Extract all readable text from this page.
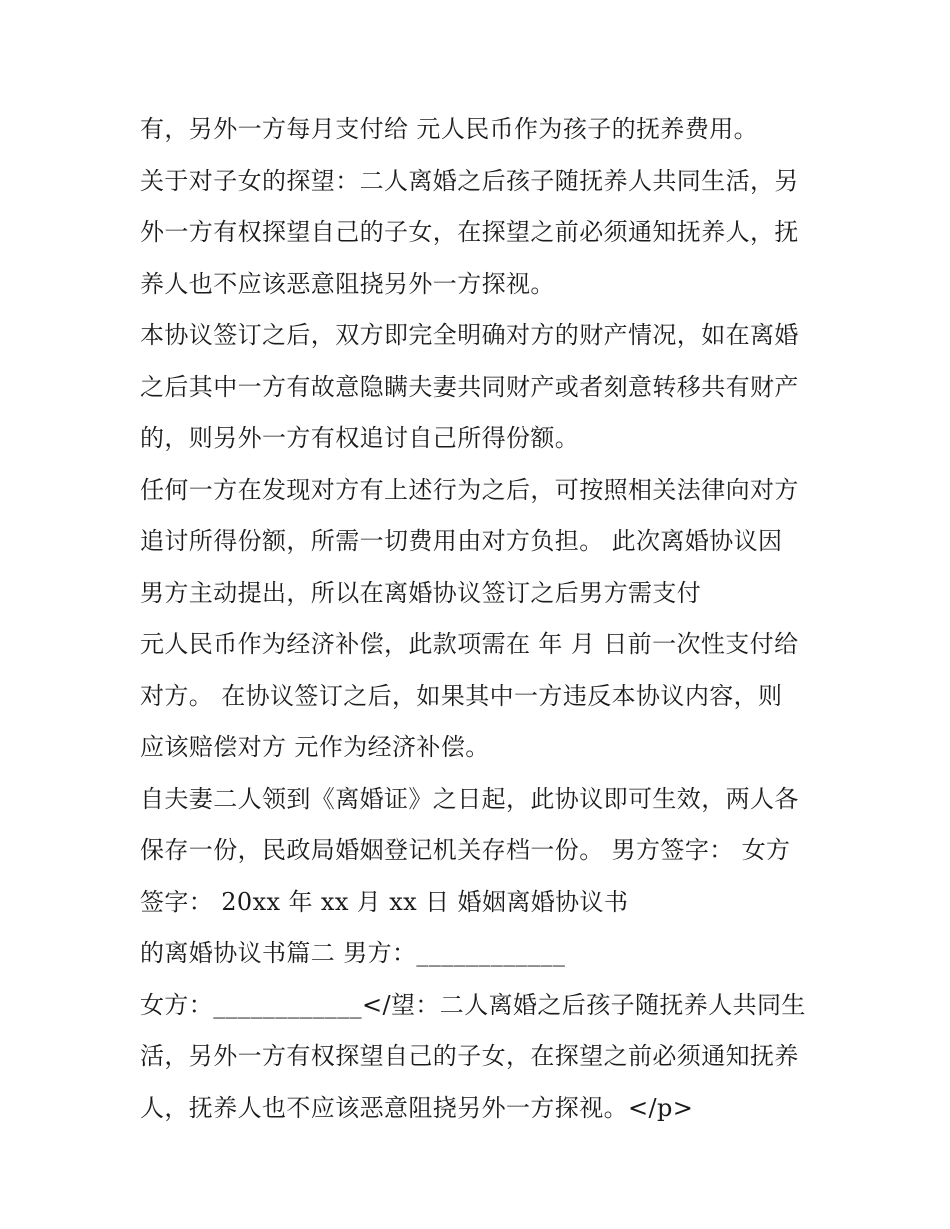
有，另外一方每月支付给 元人民币作为孩子的抚养费用。
关于对子女的探望：二人离婚之后孩子随抚养人共同生活，另
外一方有权探望自己的子女，在探望之前必须通知抚养人，抚
养人也不应该恶意阻挠另外一方探视。
本协议签订之后，双方即完全明确对方的财产情况，如在离婚
之后其中一方有故意隐瞒夫妻共同财产或者刻意转移共有财产
的，则另外一方有权追讨自己所得份额。
任何一方在发现对方有上述行为之后，可按照相关法律向对方
追讨所得份额，所需一切费用由对方负担。 此次离婚协议因
男方主动提出，所以在离婚协议签订之后男方需支付
元人民币作为经济补偿，此款项需在 年 月 日前一次性支付给
对方。 在协议签订之后，如果其中一方违反本协议内容，则
应该赔偿对方 元作为经济补偿。
自夫妻二人领到《离婚证》之日起，此协议即可生效，两人各
保存一份，民政局婚姻登记机关存档一份。 男方签字： 女方
签字： 20xx 年 xx 月 xx 日 婚姻离婚协议书
的离婚协议书篇二 男方：____________
女方：____________</望：二人离婚之后孩子随抚养人共同生
活，另外一方有权探望自己的子女，在探望之前必须通知抚养
人，抚养人也不应该恶意阻挠另外一方探视。</p>
